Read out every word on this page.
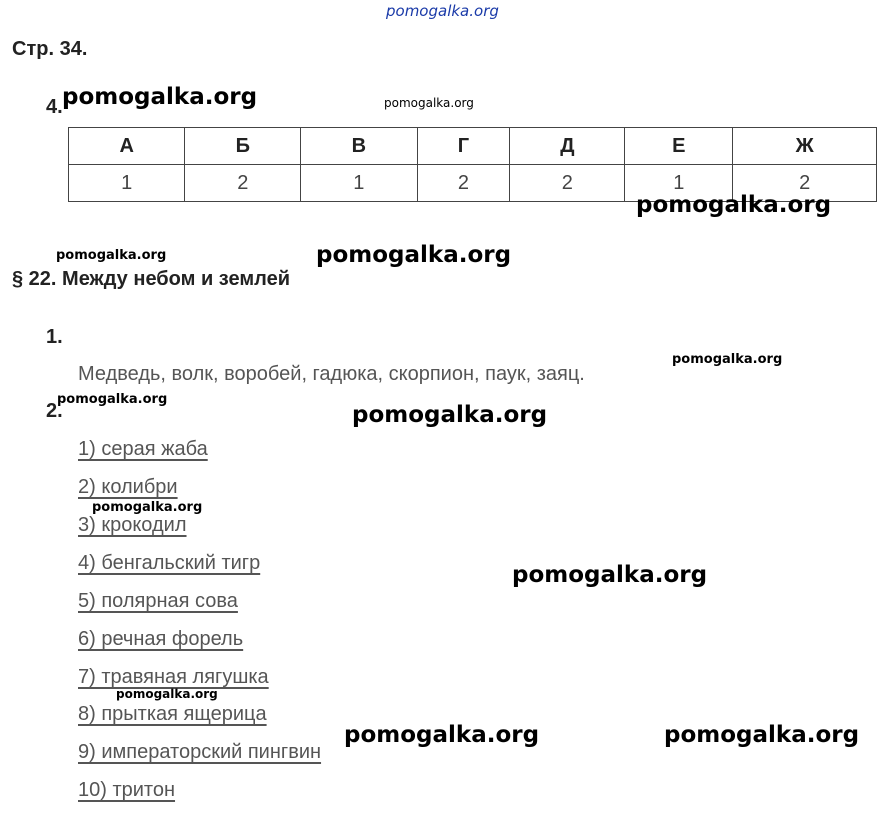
pomogalka.org
Стр. 34.
4.
А	Б	В	Г	Д	Е	Ж
1	2	1	2	2	1	2
§ 22. Между небом и землей
1.
Медведь, волк, воробей, гадюка, скорпион, паук, заяц.
2.
1) серая жаба
2) колибри
3) крокодил
4) бенгальский тигр
5) полярная сова
6) речная форель
7) травяная лягушка
8) прыткая ящерица
9) императорский пингвин
10) тритон
pomogalka.org	pomogalka.org
pomogalka.org
pomogalka.org	pomogalka.org
pomogalka.org
pomogalka.org
pomogalka.org
pomogalka.org
pomogalka.org
pomogalka.org
pomogalka.org	pomogalka.org
